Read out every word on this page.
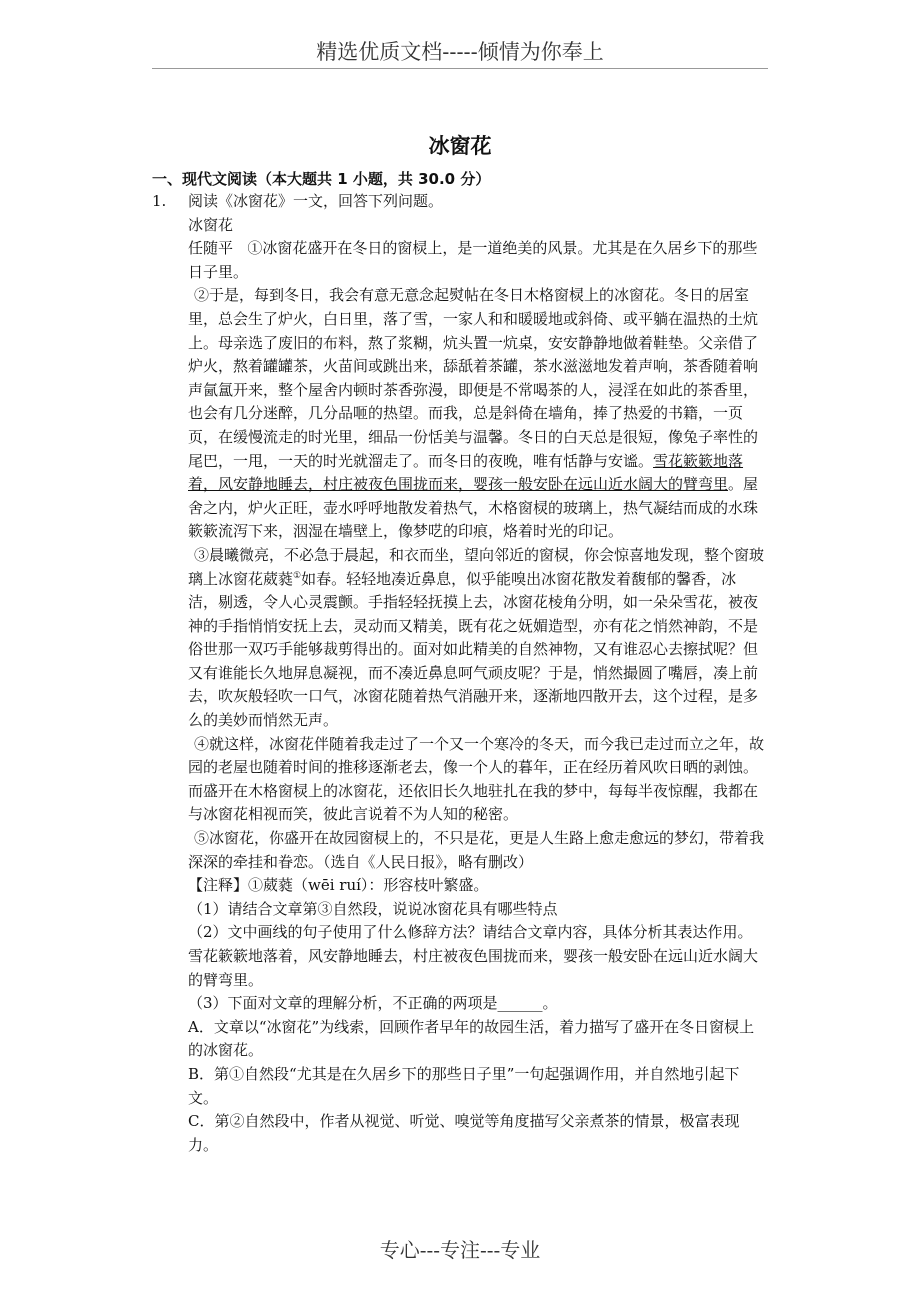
精选优质文档-----倾情为你奉上
冰窗花
一、现代文阅读（本大题共 1 小题，共 30.0 分）
1. 阅读《冰窗花》一文，回答下列问题。

冰窗花

任随平 ①冰窗花盛开在冬日的窗棂上，是一道绝美的风景。尤其是在久居乡下的那些日子里。

②于是，每到冬日，我会有意无意念起熨帖在冬日木格窗棂上的冰窗花。冬日的居室里，总会生了炉火，白日里，落了雪，一家人和和暖暖地或斜倚、或平躺在温热的土炕上。母亲选了废旧的布料，熬了浆糊，炕头置一炕桌，安安静静地做着鞋垫。父亲借了炉火，熬着罐罐茶，火苗间或跳出来，舔舐着茶罐，茶水滋滋地发着声响，茶香随着响声氤氲开来，整个屋舍内顿时茶香弥漫，即便是不常喝茶的人，浸淫在如此的茶香里，也会有几分迷醉，几分品咂的热望。而我，总是斜倚在墙角，捧了热爱的书籍，一页页，在缓慢流走的时光里，细品一份恬美与温馨。冬日的白天总是很短，像兔子率性的尾巴，一甩，一天的时光就溜走了。而冬日的夜晚，唯有恬静与安谧。雪花簌簌地落着，风安静地睡去，村庄被夜色围拢而来，婴孩一般安卧在远山近水阔大的臂弯里。屋舍之内，炉火正旺，壶水呼呼地散发着热气，木格窗棂的玻璃上，热气凝结而成的水珠簌簌流泻下来，洇湿在墙壁上，像梦呓的印痕，烙着时光的印记。

③晨曦微亮，不必急于晨起，和衣而坐，望向邻近的窗棂，你会惊喜地发现，整个窗玻璃上冰窗花葳蕤①如春。轻轻地凑近鼻息，似乎能嗅出冰窗花散发着馥郁的馨香，冰洁，剔透，令人心灵震颤。手指轻轻抚摸上去，冰窗花棱角分明，如一朵朵雪花，被夜神的手指悄悄安抚上去，灵动而又精美，既有花之妩媚造型，亦有花之悄然神韵，不是俗世那一双巧手能够裁剪得出的。面对如此精美的自然神物，又有谁忍心去擦拭呢？但又有谁能长久地屏息凝视，而不凑近鼻息呵气顽皮呢？于是，悄然撮圆了嘴唇，凑上前去，吹灰般轻吹一口气，冰窗花随着热气消融开来，逐渐地四散开去，这个过程，是多么的美妙而悄然无声。

④就这样，冰窗花伴随着我走过了一个又一个寒冷的冬天，而今我已走过而立之年，故园的老屋也随着时间的推移逐渐老去，像一个人的暮年，正在经历着风吹日晒的剥蚀。而盛开在木格窗棂上的冰窗花，还依旧长久地驻扎在我的梦中，每每半夜惊醒，我都在与冰窗花相视而笑，彼此言说着不为人知的秘密。

⑤冰窗花，你盛开在故园窗棂上的，不只是花，更是人生路上愈走愈远的梦幻，带着我深深的牵挂和眷恋。（选自《人民日报》，略有删改）

【注释】①葳蕤（wēi ruí）：形容枝叶繁盛。

（1）请结合文章第③自然段，说说冰窗花具有哪些特点

（2）文中画线的句子使用了什么修辞方法？请结合文章内容，具体分析其表达作用。

雪花簌簌地落着，风安静地睡去，村庄被夜色围拢而来，婴孩一般安卧在远山近水阔大的臂弯里。

（3）下面对文章的理解分析，不正确的两项是______。

A．文章以“冰窗花”为线索，回顾作者早年的故园生活，着力描写了盛开在冬日窗棂上的冰窗花。

B．第①自然段“尤其是在久居乡下的那些日子里”一句起强调作用，并自然地引起下文。

C．第②自然段中，作者从视觉、听觉、嗅觉等角度描写父亲煮茶的情景，极富表现力。

专心---专注---专业
